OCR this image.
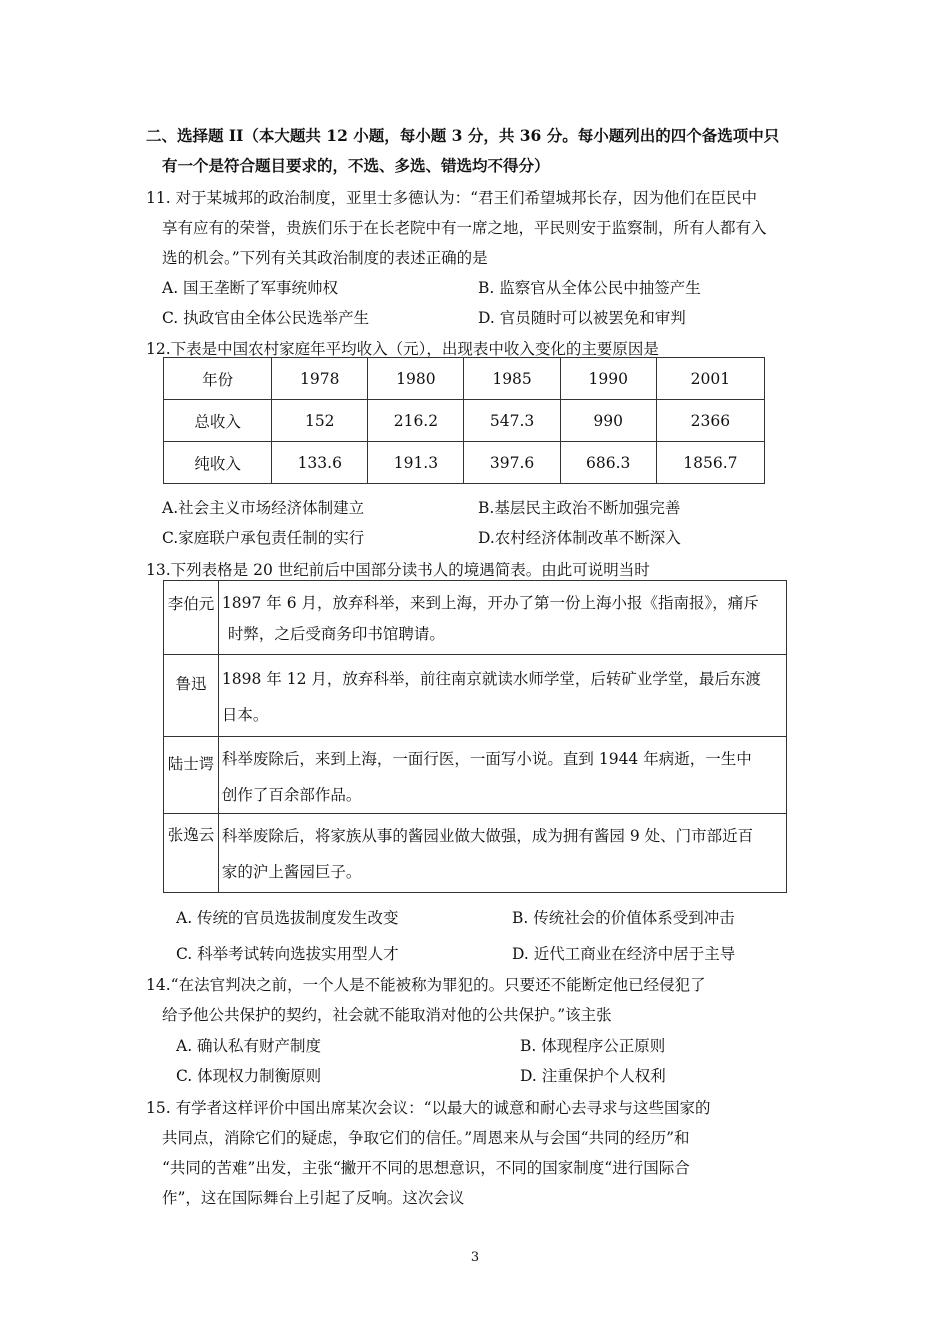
二、选择题 II（本大题共 12 小题，每小题 3 分，共 36 分。每小题列出的四个备选项中只
有一个是符合题目要求的，不选、多选、错选均不得分）
11. 对于某城邦的政治制度，亚里士多德认为：“君王们希望城邦长存，因为他们在臣民中
享有应有的荣誉，贵族们乐于在长老院中有一席之地，平民则安于监察制，所有人都有入
选的机会。”下列有关其政治制度的表述正确的是
A. 国王垄断了军事统帅权	B. 监察官从全体公民中抽签产生
C. 执政官由全体公民选举产生	D. 官员随时可以被罢免和审判
12.下表是中国农村家庭年平均收入（元），出现表中收入变化的主要原因是
年份	1978	1980	1985	1990	2001
总收入	152	216.2	547.3	990	2366
纯收入	133.6	191.3	397.6	686.3	1856.7
A.社会主义市场经济体制建立	B.基层民主政治不断加强完善
C.家庭联户承包责任制的实行	D.农村经济体制改革不断深入
13.下列表格是 20 世纪前后中国部分读书人的境遇简表。由此可说明当时
李伯元	1897 年 6 月，放弃科举，来到上海，开办了第一份上海小报《指南报》，痛斥
时弊，之后受商务印书馆聘请。

鲁迅	1898 年 12 月，放弃科举，前往南京就读水师学堂，后转矿业学堂，最后东渡
日本。

陆士谔	科举废除后，来到上海，一面行医，一面写小说。直到 1944 年病逝，一生中
创作了百余部作品。

张逸云	科举废除后，将家族从事的酱园业做大做强，成为拥有酱园 9 处、门市部近百
家的沪上酱园巨子。
A. 传统的官员选拔制度发生改变	B. 传统社会的价值体系受到冲击
C. 科举考试转向选拔实用型人才	D. 近代工商业在经济中居于主导
14.“在法官判决之前，一个人是不能被称为罪犯的。只要还不能断定他已经侵犯了
给予他公共保护的契约，社会就不能取消对他的公共保护。”该主张
A. 确认私有财产制度	B. 体现程序公正原则
C. 体现权力制衡原则	D. 注重保护个人权利
15. 有学者这样评价中国出席某次会议：“以最大的诚意和耐心去寻求与这些国家的
共同点，消除它们的疑虑，争取它们的信任。”周恩来从与会国“共同的经历”和
“共同的苦难”出发，主张“撇开不同的思想意识，不同的国家制度“进行国际合
作”，这在国际舞台上引起了反响。这次会议
3
